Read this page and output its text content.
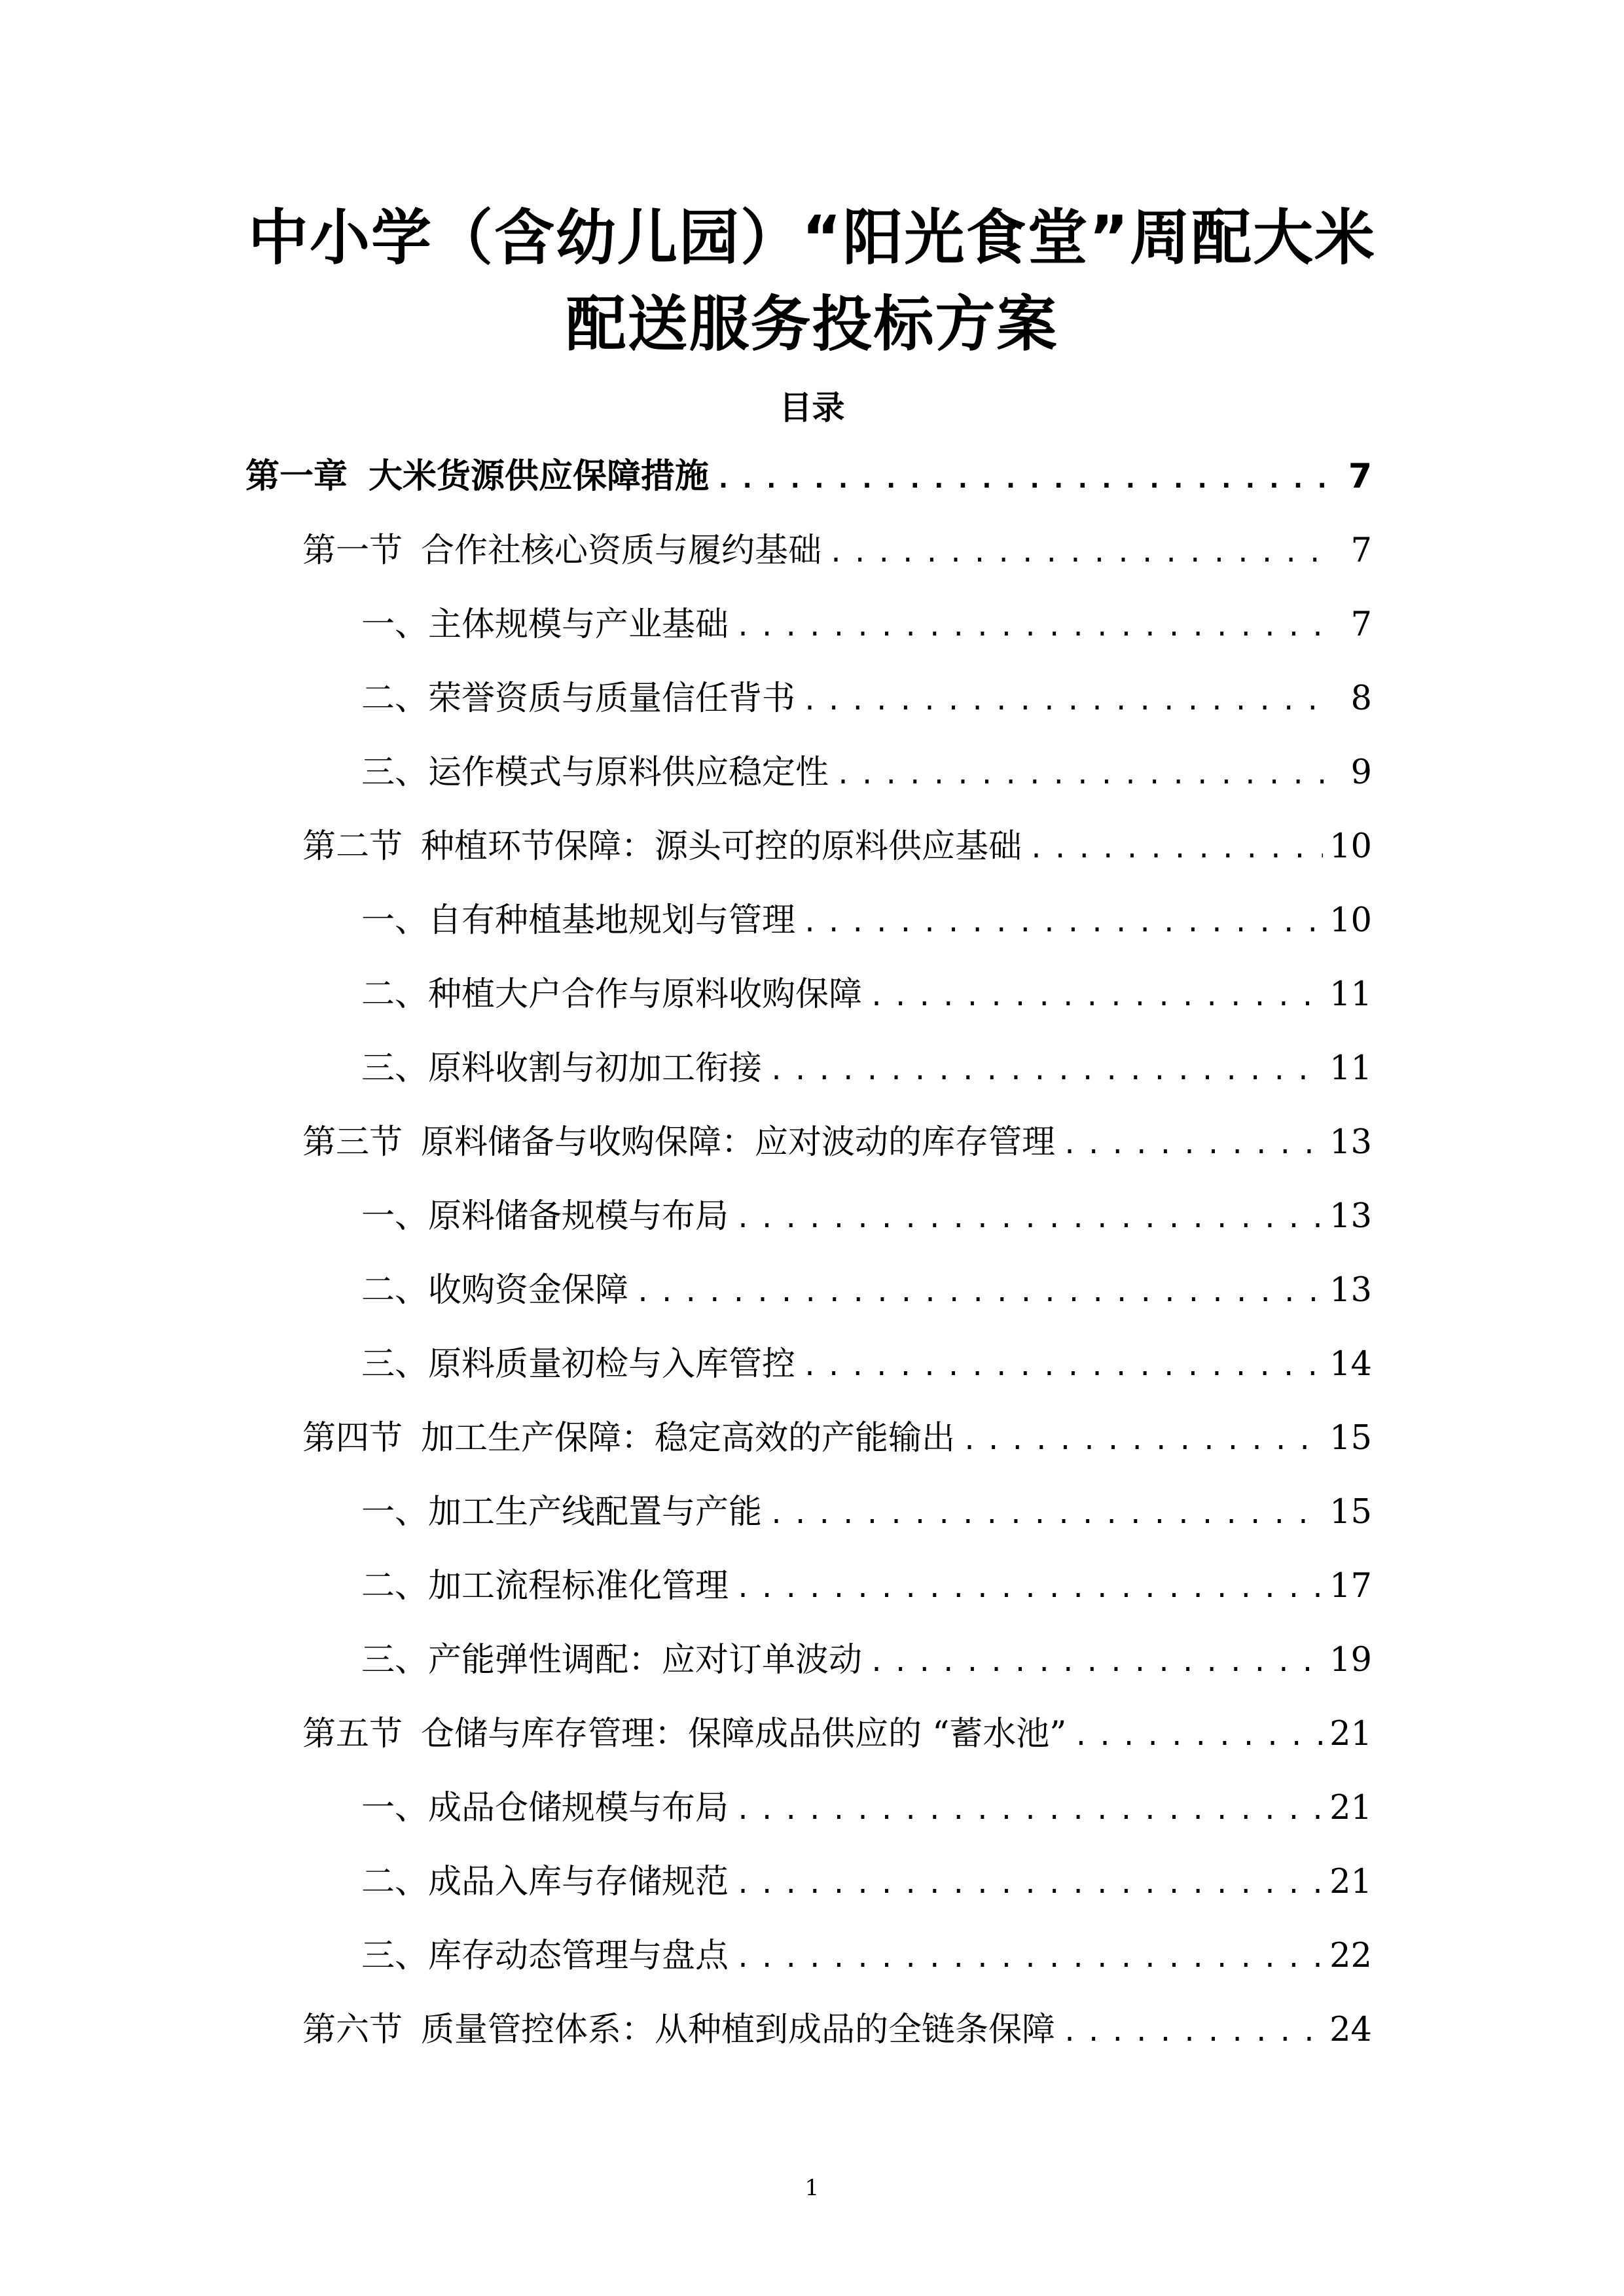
中小学（含幼儿园）“阳光食堂”周配大米
配送服务投标方案
目录
第一章 大米货源供应保障措施 .....	7
第一节 合作社核心资质与履约基础 .....	7
一、 主体规模与产业基础 .....	7
二、 荣誉资质与质量信任背书 .....	8
三、 运作模式与原料供应稳定性 .....	9
第二节 种植环节保障：源头可控的原料供应基础 .....	10
一、 自有种植基地规划与管理 .....	10
二、 种植大户合作与原料收购保障 .....	11
三、 原料收割与初加工衔接 .....	11
第三节 原料储备与收购保障：应对波动的库存管理 .....	13
一、 原料储备规模与布局 .....	13
二、 收购资金保障 .....	13
三、 原料质量初检与入库管控 .....	14
第四节 加工生产保障：稳定高效的产能输出 .....	15
一、 加工生产线配置与产能 .....	15
二、 加工流程标准化管理 .....	17
三、 产能弹性调配：应对订单波动 .....	19
第五节 仓储与库存管理：保障成品供应的 “蓄水池” .....	21
一、 成品仓储规模与布局 .....	21
二、 成品入库与存储规范 .....	21
三、 库存动态管理与盘点 .....	22
第六节 质量管控体系：从种植到成品的全链条保障 .....	24
1
